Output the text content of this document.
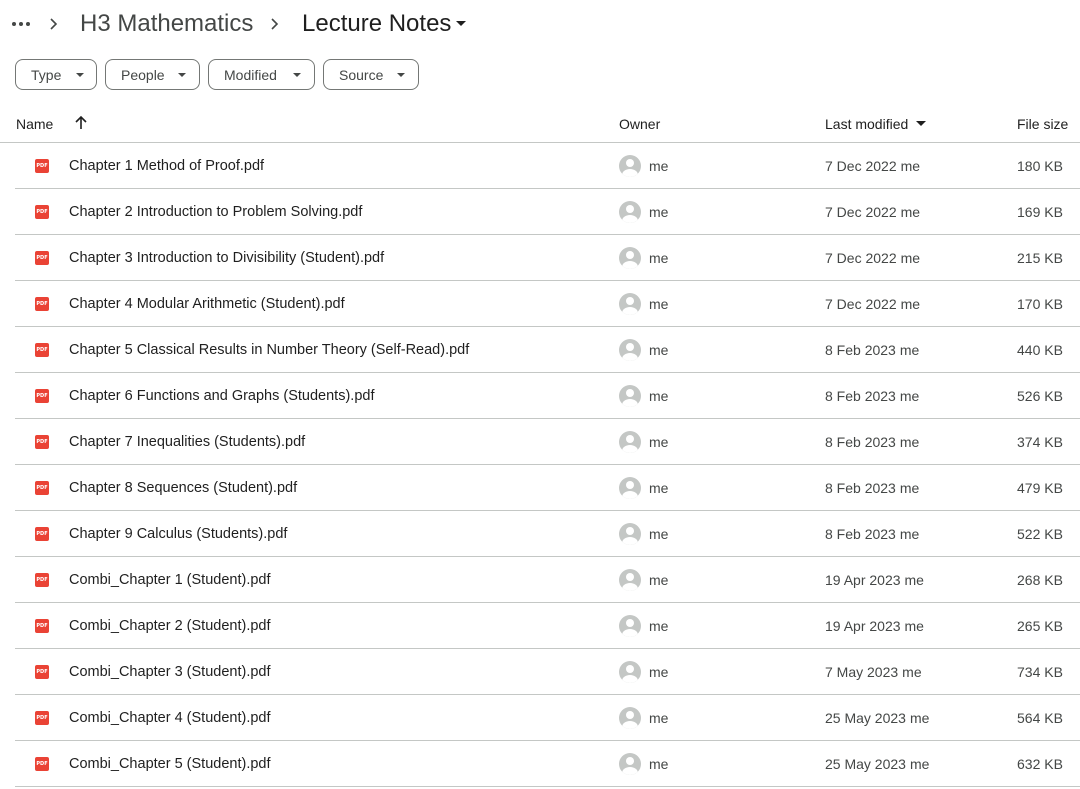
H3 Mathematics Lecture Notes
Type	People	Modified	Source
Name	Owner	Last modified	File size
PDF Chapter 1 Method of Proof.pdf	me	7 Dec 2022 me	180 KB
PDF Chapter 2 Introduction to Problem Solving.pdf	me	7 Dec 2022 me	169 KB
PDF Chapter 3 Introduction to Divisibility (Student).pdf	me	7 Dec 2022 me	215 KB
PDF Chapter 4 Modular Arithmetic (Student).pdf	me	7 Dec 2022 me	170 KB
PDF Chapter 5 Classical Results in Number Theory (Self-Read).pdf	me	8 Feb 2023 me	440 KB
PDF Chapter 6 Functions and Graphs (Students).pdf	me	8 Feb 2023 me	526 KB
PDF Chapter 7 Inequalities (Students).pdf	me	8 Feb 2023 me	374 KB
PDF Chapter 8 Sequences (Student).pdf	me	8 Feb 2023 me	479 KB
PDF Chapter 9 Calculus (Students).pdf	me	8 Feb 2023 me	522 KB
PDF Combi_Chapter 1 (Student).pdf	me	19 Apr 2023 me	268 KB
PDF Combi_Chapter 2 (Student).pdf	me	19 Apr 2023 me	265 KB
PDF Combi_Chapter 3 (Student).pdf	me	7 May 2023 me	734 KB
PDF Combi_Chapter 4 (Student).pdf	me	25 May 2023 me	564 KB
PDF Combi_Chapter 5 (Student).pdf	me	25 May 2023 me	632 KB
